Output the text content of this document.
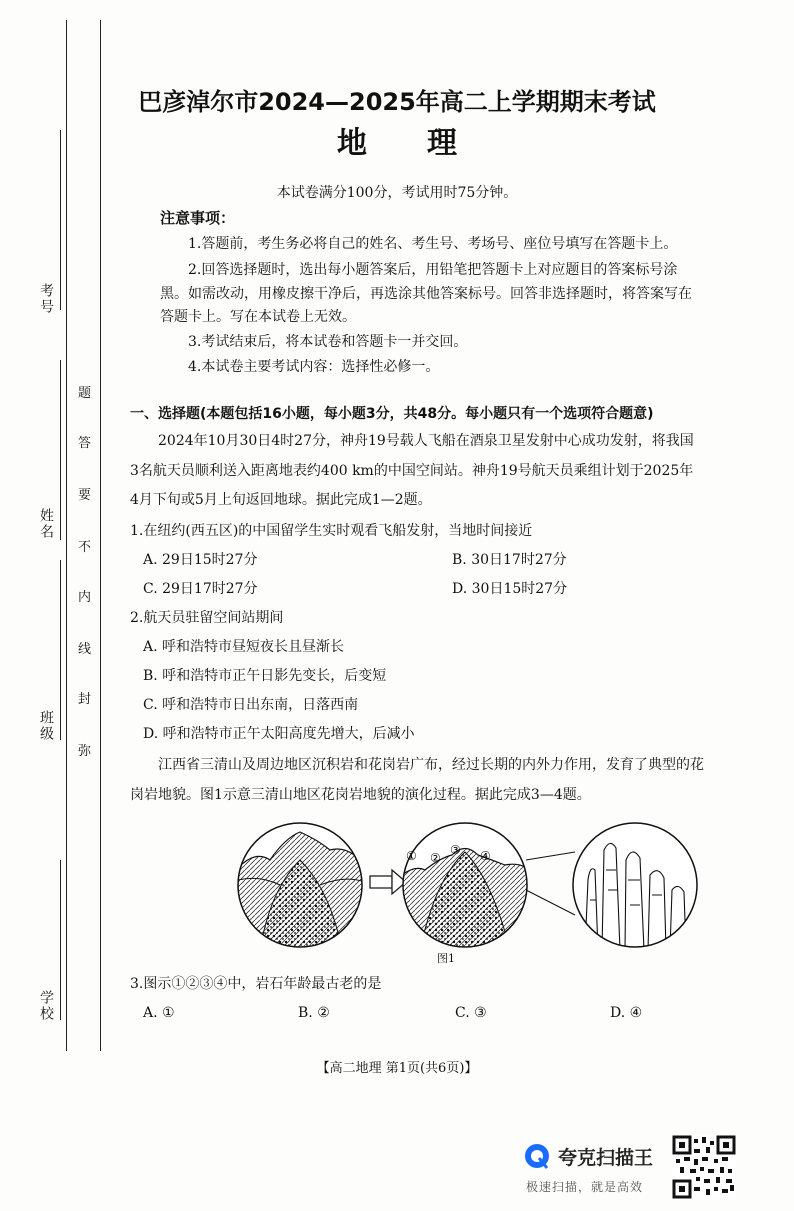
考号
姓名
班级
学校
题
答
要
不
内
线
封
弥
巴彦淖尔市2024—2025年高二上学期期末考试
地理
本试卷满分100分，考试用时75分钟。
注意事项：
1.答题前，考生务必将自己的姓名、考生号、考场号、座位号填写在答题卡上。
2.回答选择题时，选出每小题答案后，用铅笔把答题卡上对应题目的答案标号涂
黑。如需改动，用橡皮擦干净后，再选涂其他答案标号。回答非选择题时，将答案写在
答题卡上。写在本试卷上无效。
3.考试结束后，将本试卷和答题卡一并交回。
4.本试卷主要考试内容：选择性必修一。
一、选择题(本题包括16小题，每小题3分，共48分。每小题只有一个选项符合题意)
2024年10月30日4时27分，神舟19号载人飞船在酒泉卫星发射中心成功发射，将我国
3名航天员顺利送入距离地表约400 km的中国空间站。神舟19号航天员乘组计划于2025年
4月下旬或5月上旬返回地球。据此完成1—2题。
1.在纽约(西五区)的中国留学生实时观看飞船发射，当地时间接近
A. 29日15时27分	B. 30日17时27分
C. 29日17时27分	D. 30日15时27分
2.航天员驻留空间站期间
A. 呼和浩特市昼短夜长且昼渐长
B. 呼和浩特市正午日影先变长，后变短
C. 呼和浩特市日出东南，日落西南
D. 呼和浩特市正午太阳高度先增大，后减小
江西省三清山及周边地区沉积岩和花岗岩广布，经过长期的内外力作用，发育了典型的花
岗岩地貌。图1示意三清山地区花岗岩地貌的演化过程。据此完成3—4题。
① ②
③ ④
图1
3.图示①②③④中，岩石年龄最古老的是
A. ①	B. ②	C. ③	D. ④
【高二地理 第1页(共6页)】
夸克扫描王
极速扫描，就是高效
